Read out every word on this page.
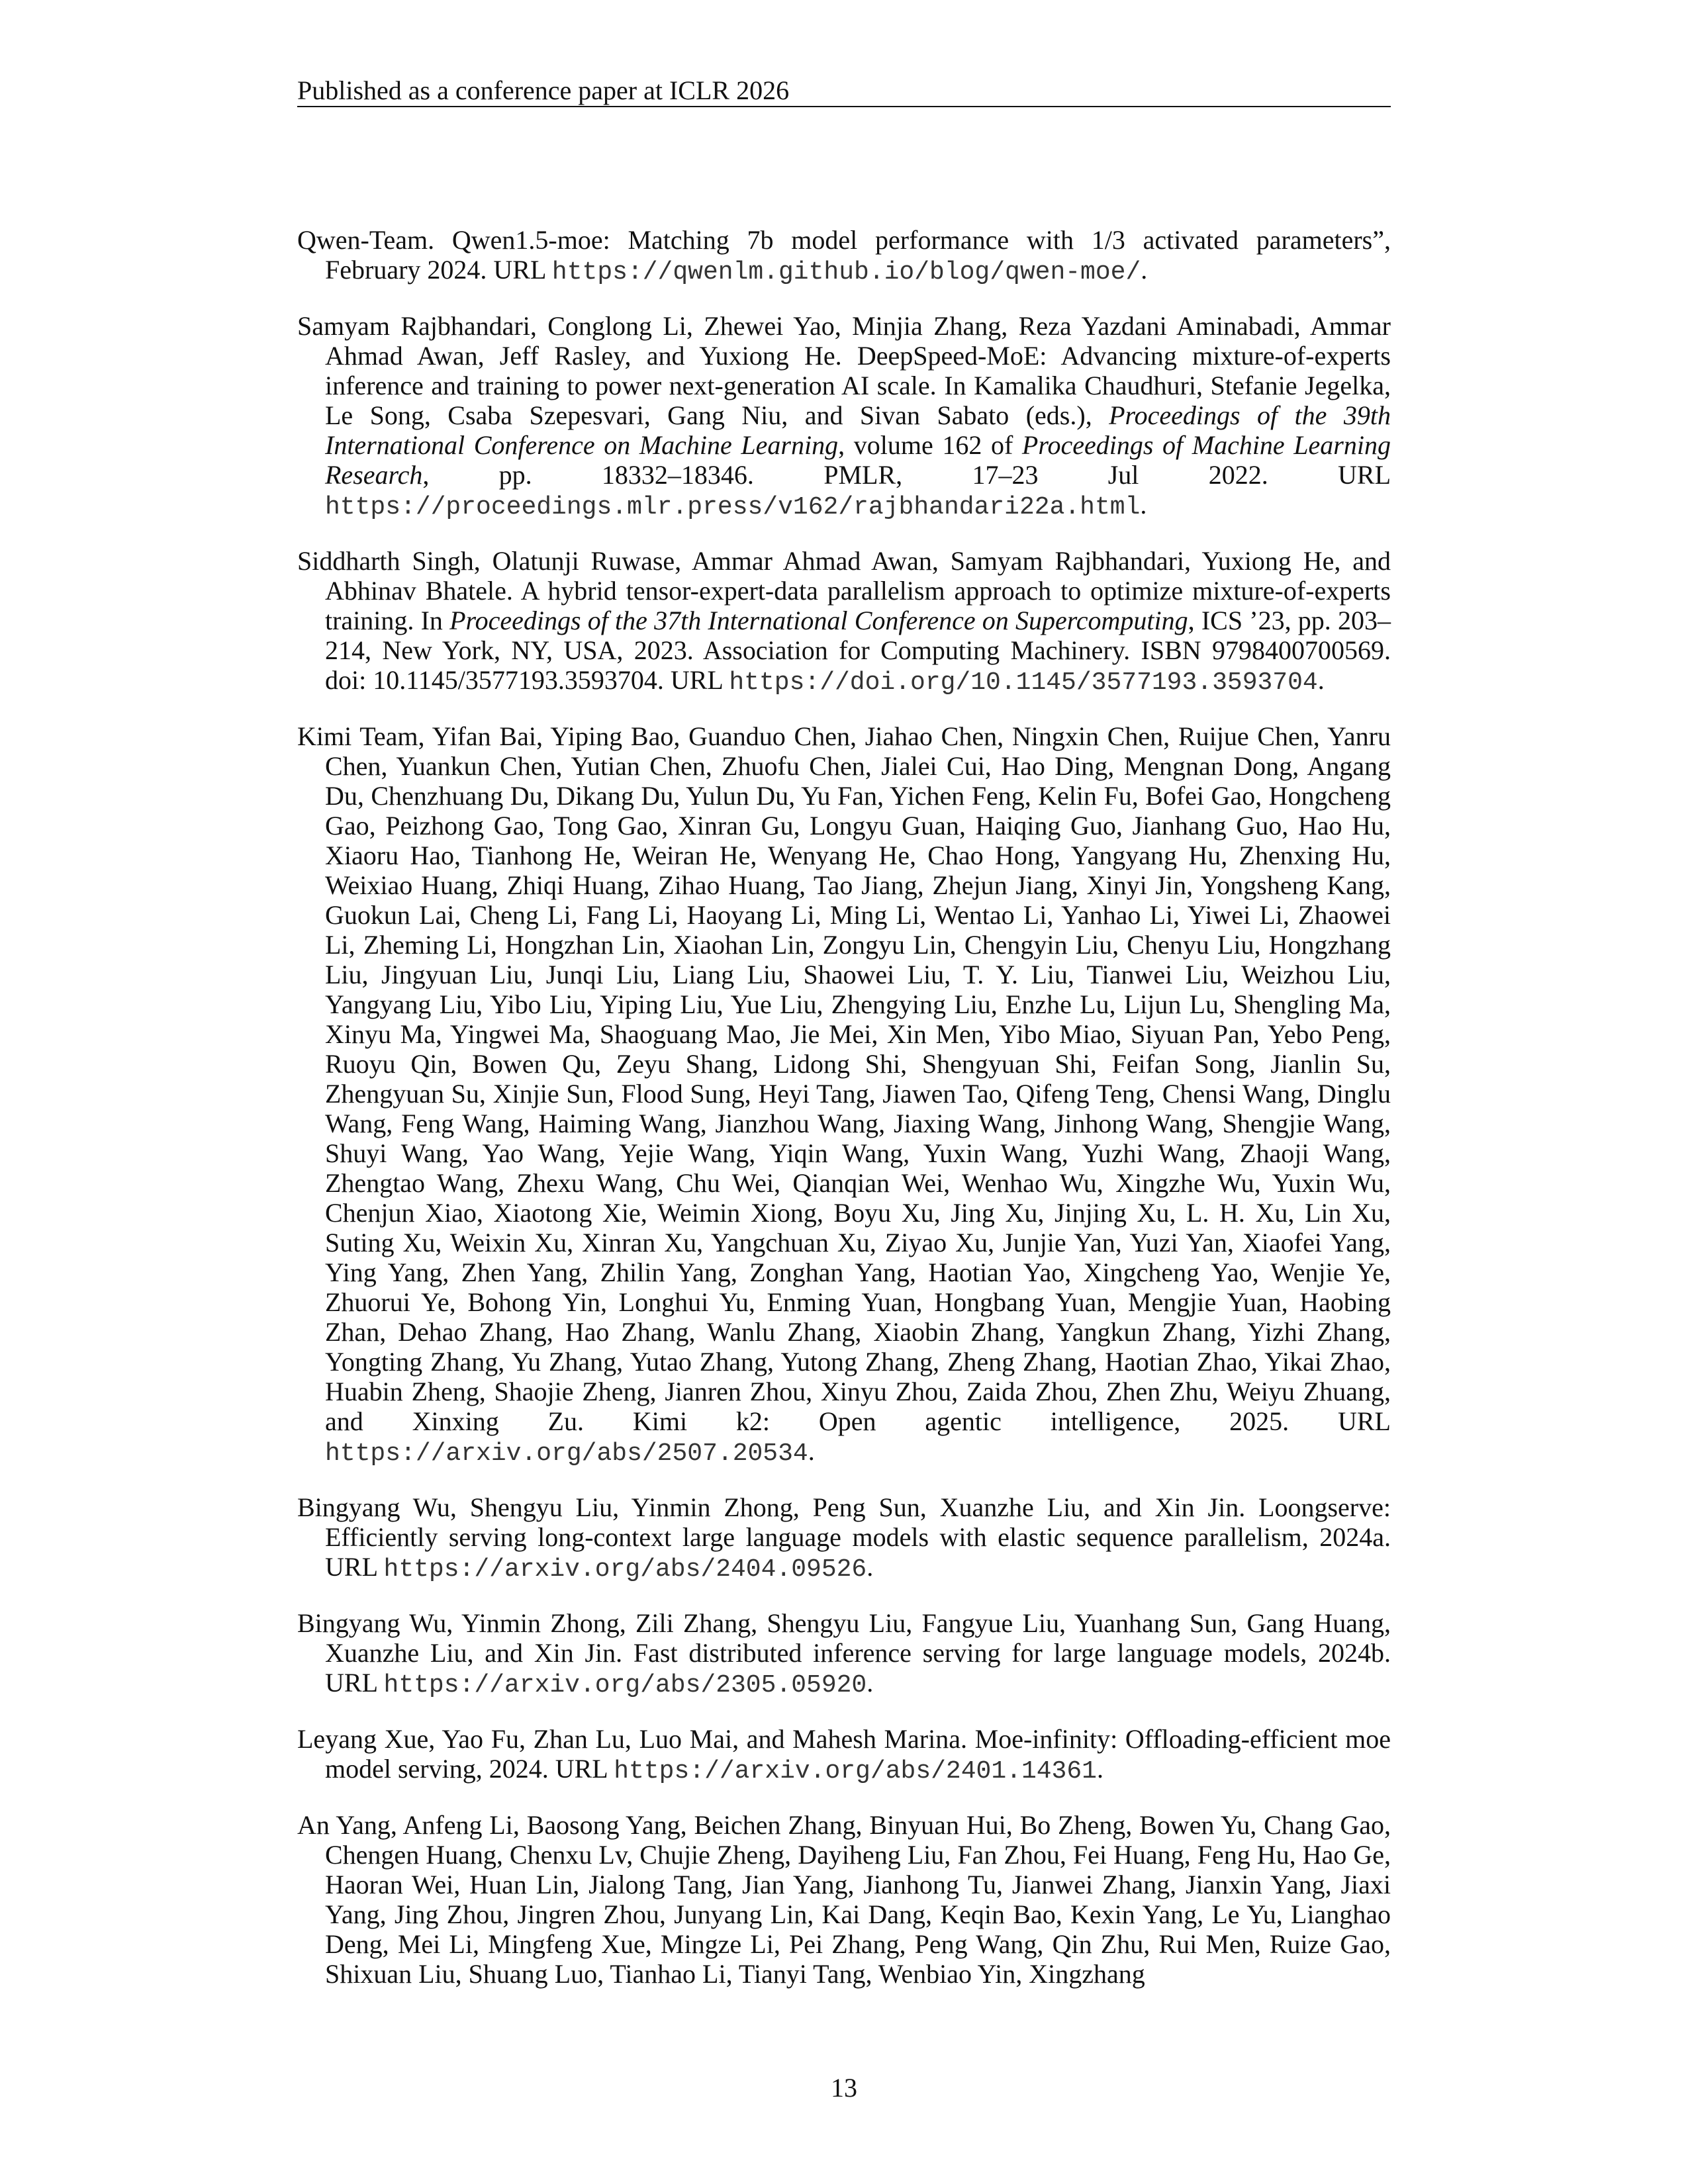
Published as a conference paper at ICLR 2026

Qwen-Team. Qwen1.5-moe: Matching 7b model performance with 1/3 activated parameters”, February 2024. URL https://qwenlm.github.io/blog/qwen-moe/.

Samyam Rajbhandari, Conglong Li, Zhewei Yao, Minjia Zhang, Reza Yazdani Aminabadi, Ammar Ahmad Awan, Jeff Rasley, and Yuxiong He. DeepSpeed-MoE: Advancing mixture-of-experts inference and training to power next-generation AI scale. In Kamalika Chaudhuri, Stefanie Jegelka, Le Song, Csaba Szepesvari, Gang Niu, and Sivan Sabato (eds.), Proceedings of the 39th International Conference on Machine Learning, volume 162 of Proceedings of Machine Learning Research, pp. 18332–18346. PMLR, 17–23 Jul 2022. URL https://proceedings.mlr.press/v162/rajbhandari22a.html.

Siddharth Singh, Olatunji Ruwase, Ammar Ahmad Awan, Samyam Rajbhandari, Yuxiong He, and Abhinav Bhatele. A hybrid tensor-expert-data parallelism approach to optimize mixture-of-experts training. In Proceedings of the 37th International Conference on Supercomputing, ICS ’23, pp. 203–214, New York, NY, USA, 2023. Association for Computing Machinery. ISBN 9798400700569. doi: 10.1145/3577193.3593704. URL https://doi.org/10.1145/3577193.3593704.

Kimi Team, Yifan Bai, Yiping Bao, Guanduo Chen, Jiahao Chen, Ningxin Chen, Ruijue Chen, Yanru Chen, Yuankun Chen, Yutian Chen, Zhuofu Chen, Jialei Cui, Hao Ding, Mengnan Dong, Angang Du, Chenzhuang Du, Dikang Du, Yulun Du, Yu Fan, Yichen Feng, Kelin Fu, Bofei Gao, Hongcheng Gao, Peizhong Gao, Tong Gao, Xinran Gu, Longyu Guan, Haiqing Guo, Jianhang Guo, Hao Hu, Xiaoru Hao, Tianhong He, Weiran He, Wenyang He, Chao Hong, Yangyang Hu, Zhenxing Hu, Weixiao Huang, Zhiqi Huang, Zihao Huang, Tao Jiang, Zhejun Jiang, Xinyi Jin, Yongsheng Kang, Guokun Lai, Cheng Li, Fang Li, Haoyang Li, Ming Li, Wentao Li, Yanhao Li, Yiwei Li, Zhaowei Li, Zheming Li, Hongzhan Lin, Xiaohan Lin, Zongyu Lin, Chengyin Liu, Chenyu Liu, Hongzhang Liu, Jingyuan Liu, Junqi Liu, Liang Liu, Shaowei Liu, T. Y. Liu, Tianwei Liu, Weizhou Liu, Yangyang Liu, Yibo Liu, Yiping Liu, Yue Liu, Zhengying Liu, Enzhe Lu, Lijun Lu, Shengling Ma, Xinyu Ma, Yingwei Ma, Shaoguang Mao, Jie Mei, Xin Men, Yibo Miao, Siyuan Pan, Yebo Peng, Ruoyu Qin, Bowen Qu, Zeyu Shang, Lidong Shi, Shengyuan Shi, Feifan Song, Jianlin Su, Zhengyuan Su, Xinjie Sun, Flood Sung, Heyi Tang, Jiawen Tao, Qifeng Teng, Chensi Wang, Dinglu Wang, Feng Wang, Haiming Wang, Jianzhou Wang, Jiaxing Wang, Jinhong Wang, Shengjie Wang, Shuyi Wang, Yao Wang, Yejie Wang, Yiqin Wang, Yuxin Wang, Yuzhi Wang, Zhaoji Wang, Zhengtao Wang, Zhexu Wang, Chu Wei, Qianqian Wei, Wenhao Wu, Xingzhe Wu, Yuxin Wu, Chenjun Xiao, Xiaotong Xie, Weimin Xiong, Boyu Xu, Jing Xu, Jinjing Xu, L. H. Xu, Lin Xu, Suting Xu, Weixin Xu, Xinran Xu, Yangchuan Xu, Ziyao Xu, Junjie Yan, Yuzi Yan, Xiaofei Yang, Ying Yang, Zhen Yang, Zhilin Yang, Zonghan Yang, Haotian Yao, Xingcheng Yao, Wenjie Ye, Zhuorui Ye, Bohong Yin, Longhui Yu, Enming Yuan, Hongbang Yuan, Mengjie Yuan, Haobing Zhan, Dehao Zhang, Hao Zhang, Wanlu Zhang, Xiaobin Zhang, Yangkun Zhang, Yizhi Zhang, Yongting Zhang, Yu Zhang, Yutao Zhang, Yutong Zhang, Zheng Zhang, Haotian Zhao, Yikai Zhao, Huabin Zheng, Shaojie Zheng, Jianren Zhou, Xinyu Zhou, Zaida Zhou, Zhen Zhu, Weiyu Zhuang, and Xinxing Zu. Kimi k2: Open agentic intelligence, 2025. URL https://arxiv.org/abs/2507.20534.

Bingyang Wu, Shengyu Liu, Yinmin Zhong, Peng Sun, Xuanzhe Liu, and Xin Jin. Loongserve: Efficiently serving long-context large language models with elastic sequence parallelism, 2024a. URL https://arxiv.org/abs/2404.09526.

Bingyang Wu, Yinmin Zhong, Zili Zhang, Shengyu Liu, Fangyue Liu, Yuanhang Sun, Gang Huang, Xuanzhe Liu, and Xin Jin. Fast distributed inference serving for large language models, 2024b. URL https://arxiv.org/abs/2305.05920.

Leyang Xue, Yao Fu, Zhan Lu, Luo Mai, and Mahesh Marina. Moe-infinity: Offloading-efficient moe model serving, 2024. URL https://arxiv.org/abs/2401.14361.

An Yang, Anfeng Li, Baosong Yang, Beichen Zhang, Binyuan Hui, Bo Zheng, Bowen Yu, Chang Gao, Chengen Huang, Chenxu Lv, Chujie Zheng, Dayiheng Liu, Fan Zhou, Fei Huang, Feng Hu, Hao Ge, Haoran Wei, Huan Lin, Jialong Tang, Jian Yang, Jianhong Tu, Jianwei Zhang, Jianxin Yang, Jiaxi Yang, Jing Zhou, Jingren Zhou, Junyang Lin, Kai Dang, Keqin Bao, Kexin Yang, Le Yu, Lianghao Deng, Mei Li, Mingfeng Xue, Mingze Li, Pei Zhang, Peng Wang, Qin Zhu, Rui Men, Ruize Gao, Shixuan Liu, Shuang Luo, Tianhao Li, Tianyi Tang, Wenbiao Yin, Xingzhang

13
